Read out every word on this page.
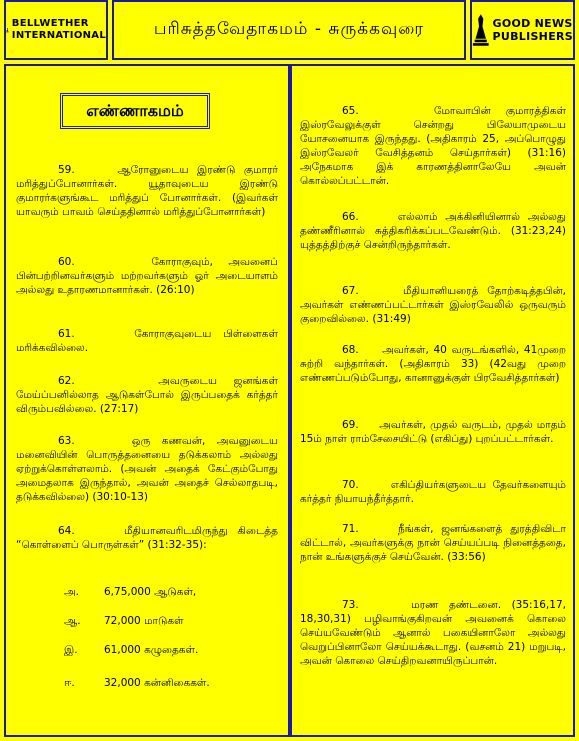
BELLWETHER
INTERNATIONAL	பரிசுத்தவேதாகமம் - சுருக்கவுரை	GOOD NEWS
PUBLISHERS
எண்ணாகமம்

59.	ஆரோனுடைய இரண்டு குமாரர் மரித்துப்போனார்கள். யூதாவுடைய இரண்டு குமாரர்களுங்கூட மரித்துப் போனார்கள். (இவர்கள் யாவரும் பாவம் செய்ததினால் மரித்துப்போனார்கள்)

60.	கோராகுவும், அவனைப் பின்பற்றினவர்களும் மற்றவர்களும் ஓர் அடையாளம் அல்லது உதாரணமானார்கள். (26:10)

61.	கோராகுவுடைய பிள்ளைகள் மரிக்கவில்லை.

62.	அவருடைய ஜனங்கள் மேய்ப்பனில்லாத ஆடுகள்போல் இருப்பதைக் கர்த்தர் விரும்பவில்லை. (27:17)

63.	ஒரு கணவன், அவனுடைய மனைவியின் பொருத்தனையை தடுக்கலாம் அல்லது ஏற்றுக்கொள்ளலாம். (அவன் அதைக் கேட்கும்போது அமைதலாக இருந்தால், அவன் அதைச் செல்லாதபடி, தடுக்கவில்லை) (30:10-13)

64.	மீதியானவரிடமிருந்து கிடைத்த “கொள்ளைப் பொருள்கள்” (31:32-35):

அ. 6,75,000 ஆடுகள்,
ஆ. 72,000 மாடுகள்
இ.	61,000 கழுதைகள்.
ஈ.	32,000 கன்னிகைகள்.

65.	மோவாபின் குமாரத்திகள் இஸ்ரவேலுக்குள் சென்றது பிலேயாமுடைய யோசனையாக இருந்தது. (அதிகாரம் 25, அப்பொழுது இஸ்ரவேலர் வேசித்தனம் செய்தார்கள்) (31:16) அநேகமாக இக் காரணத்தினாலேயே அவன் கொல்லப்பட்டான்.

66.	எல்லாம் அக்கினியினால் அல்லது தண்ணீரினால் சுத்திகரிக்கப்படவேண்டும். (31:23,24) யுத்தத்திற்குச் சென்றிருந்தார்கள்.

67.	மீதியானியரைத் தோற்கடித்தபின், அவர்கள் எண்ணப்பட்டார்கள் இஸ்ரவேலில் ஒருவரும் குறைவில்லை. (31:49)

68. அவர்கள், 40 வருடங்களில், 41முறை சுற்றி வந்தார்கள். (அதிகாரம் 33) (42வது முறை எண்ணப்படும்போது, கானானுக்குள் பிரவேசித்தார்கள்)

69. அவர்கள், முதல் வருடம், முதல் மாதம் 15ம் நாள் ராம்சேசையிட்டு (எகிப்து) புறப்பட்டார்கள்.

70.	எகிப்தியர்களுடைய தேவர்களையும் கர்த்தர் நியாயந்தீர்த்தார்.

71.	நீங்கள், ஜனங்களைத் துரத்திவிடா விட்டால், அவர்களுக்கு நான் செய்யப்படி நினைத்ததை, நான் உங்களுக்குச் செய்வேன். (33:56)

73.	மரண தண்டனை. (35:16,17, 18,30,31) பழிவாங்குகிறவன் அவனைக் கொலை செய்யவேண்டும் ஆனால் பகையினாலோ அல்லது வெறுப்பினாலோ செய்யக்கூடாது. (வசனம் 21) மறுபடி, அவன் கொலை செய்திறவனாயிருப்பான்.
